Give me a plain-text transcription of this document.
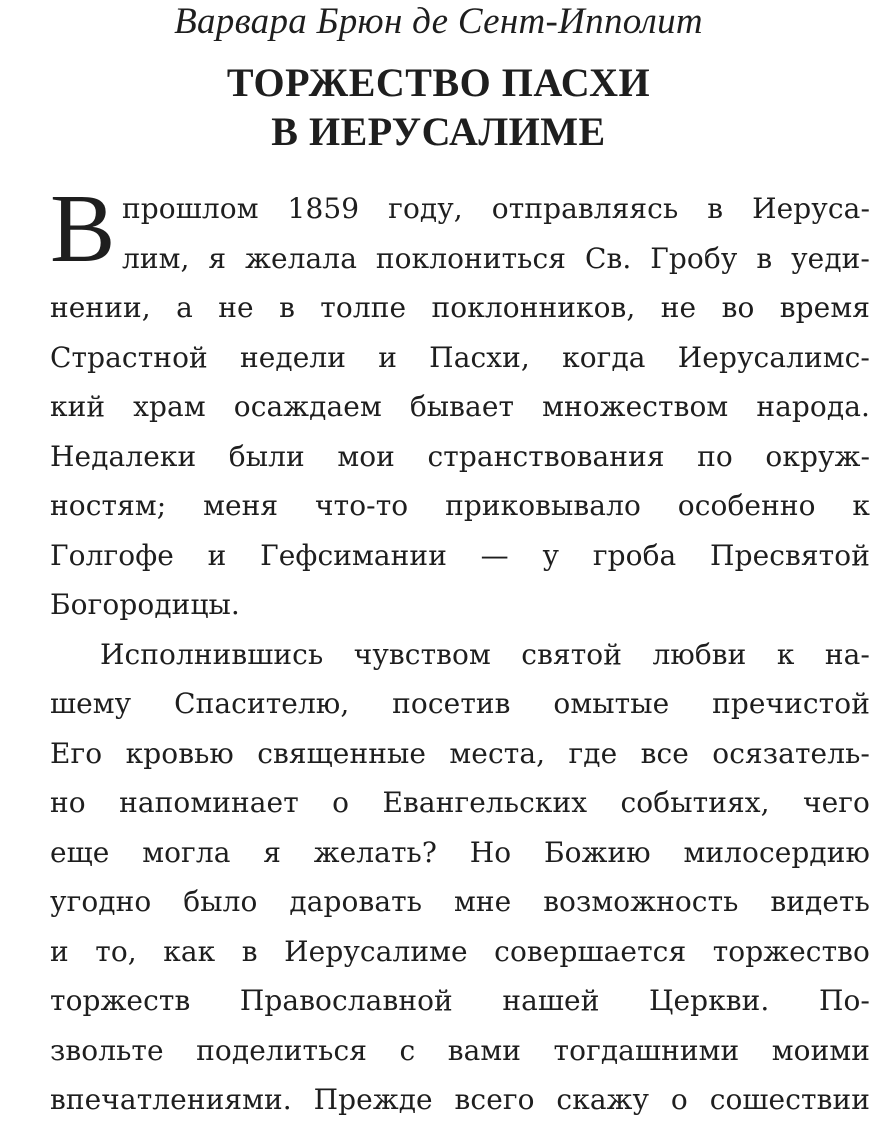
Варвара Брюн де Сент-Ипполит
ТОРЖЕСТВО ПАСХИ
В ИЕРУСАЛИМЕ
В прошлом 1859 году, отправляясь в Иеруса-
лим, я желала поклониться Св. Гробу в уеди-
нении, а не в толпе поклонников, не во время
Страстной недели и Пасхи, когда Иерусалимс-
кий храм осаждаем бывает множеством народа.
Недалеки были мои странствования по окруж-
ностям; меня что-то приковывало особенно к
Голгофе и Гефсимании — у гроба Пресвятой
Богородицы.
Исполнившись чувством святой любви к на-
шему Спасителю, посетив омытые пречистой
Его кровью священные места, где все осязатель-
но напоминает о Евангельских событиях, чего
еще могла я желать? Но Божию милосердию
угодно было даровать мне возможность видеть
и то, как в Иерусалиме совершается торжество
торжеств Православной нашей Церкви. По-
звольте поделиться с вами тогдашними моими
впечатлениями. Прежде всего скажу о сошествии
